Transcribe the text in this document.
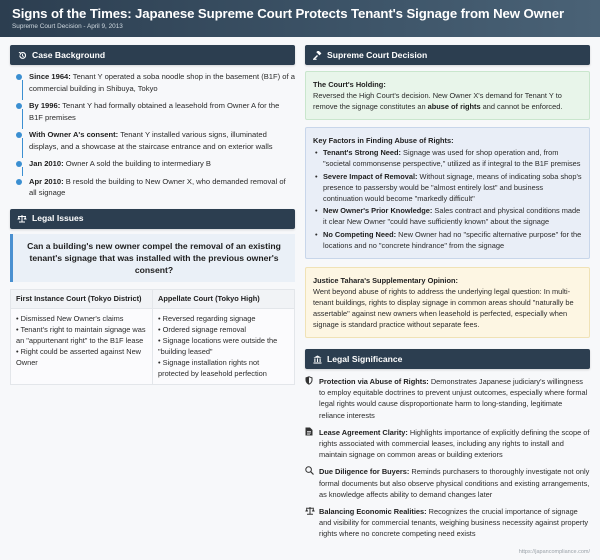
Signs of the Times: Japanese Supreme Court Protects Tenant's Signage from New Owner
Supreme Court Decision - April 9, 2013
Case Background
Since 1964: Tenant Y operated a soba noodle shop in the basement (B1F) of a commercial building in Shibuya, Tokyo
By 1996: Tenant Y had formally obtained a leasehold from Owner A for the B1F premises
With Owner A's consent: Tenant Y installed various signs, illuminated displays, and a showcase at the staircase entrance and on exterior walls
Jan 2010: Owner A sold the building to intermediary B
Apr 2010: B resold the building to New Owner X, who demanded removal of all signage
Legal Issues
Can a building's new owner compel the removal of an existing tenant's signage that was installed with the previous owner's consent?
First Instance Court (Tokyo District)
• Dismissed New Owner's claims
• Tenant's right to maintain signage was an "appurtenant right" to the B1F lease
• Right could be asserted against New Owner
Appellate Court (Tokyo High)
• Reversed regarding signage
• Ordered signage removal
• Signage locations were outside the "building leased"
• Signage installation rights not protected by leasehold perfection
Supreme Court Decision
The Court's Holding:
Reversed the High Court's decision. New Owner X's demand for Tenant Y to remove the signage constitutes an abuse of rights and cannot be enforced.
Key Factors in Finding Abuse of Rights:
• Tenant's Strong Need: Signage was used for shop operation and, from "societal commonsense perspective," utilized as if integral to the B1F premises
• Severe Impact of Removal: Without signage, means of indicating soba shop's presence to passersby would be "almost entirely lost" and business continuation would become "markedly difficult"
• New Owner's Prior Knowledge: Sales contract and physical conditions made it clear New Owner "could have sufficiently known" about the signage
• No Competing Need: New Owner had no "specific alternative purpose" for the locations and no "concrete hindrance" from the signage
Justice Tahara's Supplementary Opinion:
Went beyond abuse of rights to address the underlying legal question: In multi-tenant buildings, rights to display signage in common areas should "naturally be assertable" against new owners when leasehold is perfected, especially when signage is standard practice without separate fees.
Legal Significance
Protection via Abuse of Rights: Demonstrates Japanese judiciary's willingness to employ equitable doctrines to prevent unjust outcomes, especially where formal legal rights would cause disproportionate harm to long-standing, legitimate reliance interests
Lease Agreement Clarity: Highlights importance of explicitly defining the scope of rights associated with commercial leases, including any rights to install and maintain signage on common areas or building exteriors
Due Diligence for Buyers: Reminds purchasers to thoroughly investigate not only formal documents but also observe physical conditions and existing arrangements, as knowledge affects ability to demand changes later
Balancing Economic Realities: Recognizes the crucial importance of signage and visibility for commercial tenants, weighing business necessity against property rights where no concrete competing need exists
https://japancompliance.com/
